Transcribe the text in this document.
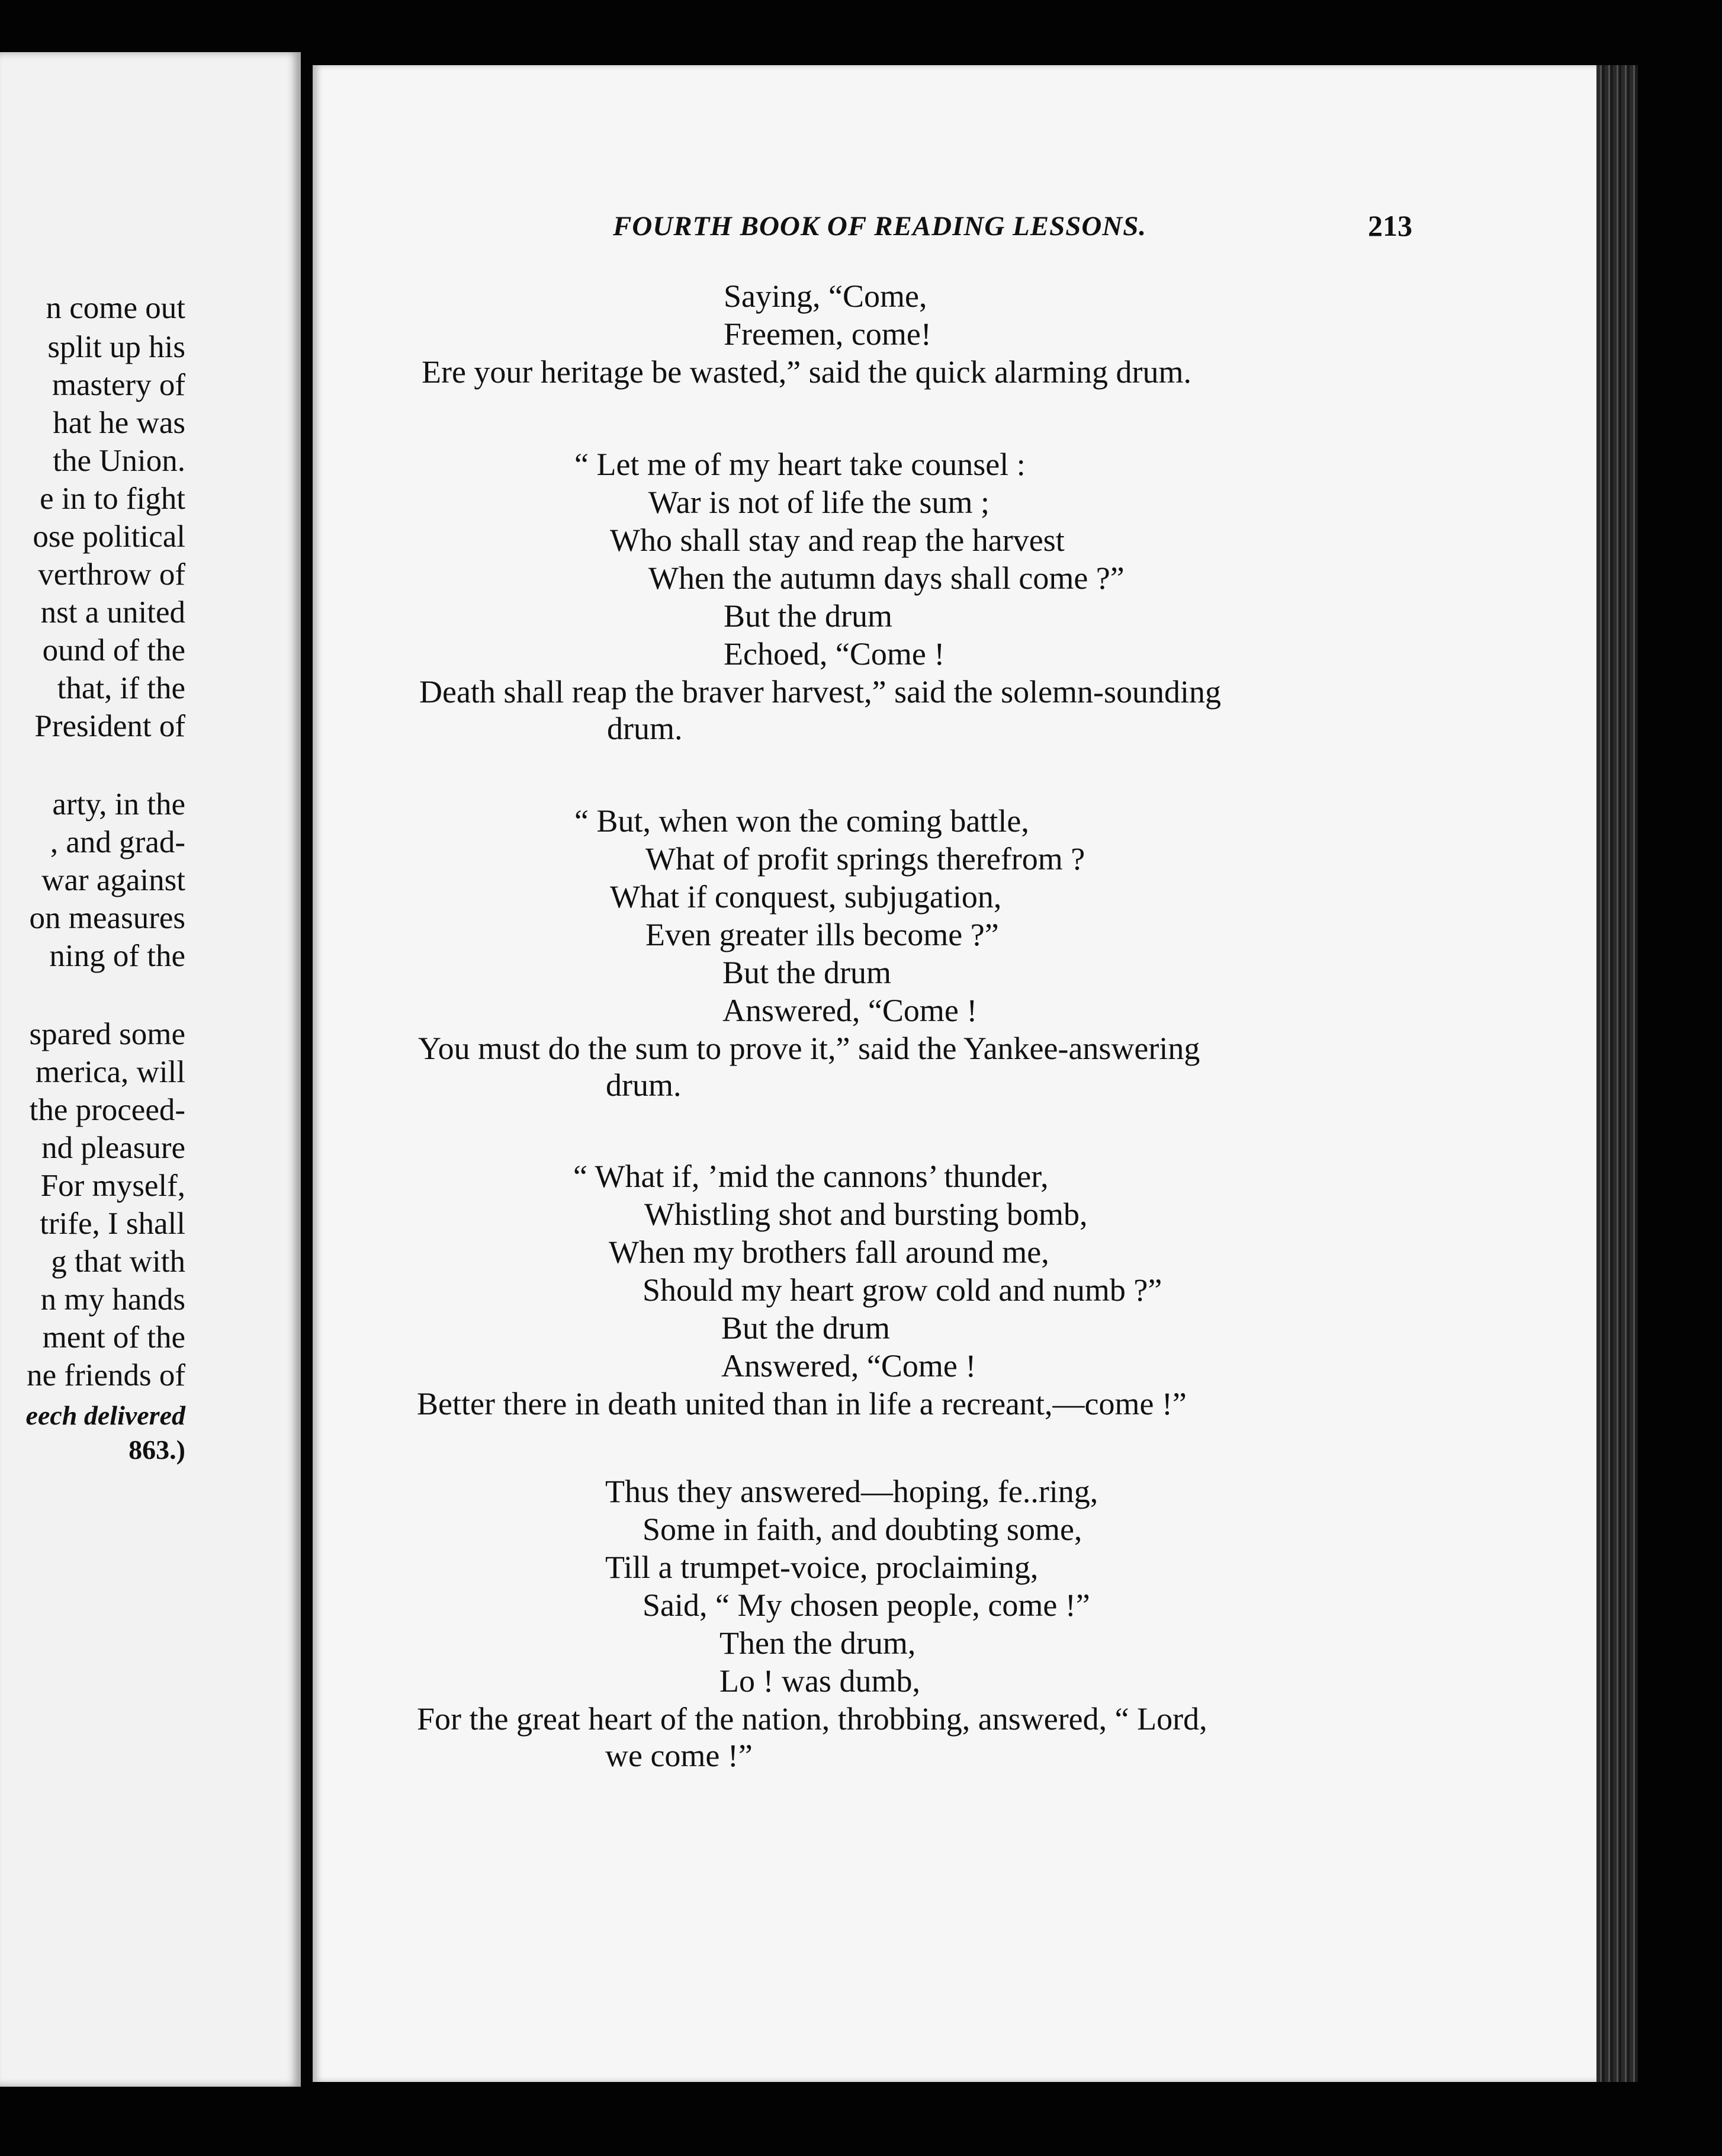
n come out
split up his
mastery of
hat he was
the Union.
e in to fight
ose political
verthrow of
nst a united
ound of the
that, if the
President of
arty, in the
, and grad-
war against
on measures
ning of the
spared some
merica, will
the proceed-
nd pleasure
For myself,
trife, I shall
g that with
n my hands
ment of the
ne friends of
eech delivered
863.)
FOURTH BOOK OF READING LESSONS.	213
Saying, “Come,
Freemen, come!
Ere your heritage be wasted,” said the quick alarming drum.
“ Let me of my heart take counsel :
War is not of life the sum ;
Who shall stay and reap the harvest
When the autumn days shall come ?”
But the drum
Echoed, “Come !
Death shall reap the braver harvest,” said the solemn-sounding
drum.
“ But, when won the coming battle,
What of profit springs therefrom ?
What if conquest, subjugation,
Even greater ills become ?”
But the drum
Answered, “Come !
You must do the sum to prove it,” said the Yankee-answering
drum.
“ What if, ’mid the cannons’ thunder,
Whistling shot and bursting bomb,
When my brothers fall around me,
Should my heart grow cold and numb ?”
But the drum
Answered, “Come !
Better there in death united than in life a recreant,—come !”
Thus they answered—hoping, fe..ring,
Some in faith, and doubting some,
Till a trumpet-voice, proclaiming,
Said, “ My chosen people, come !”
Then the drum,
Lo ! was dumb,
For the great heart of the nation, throbbing, answered, “ Lord,
we come !”
